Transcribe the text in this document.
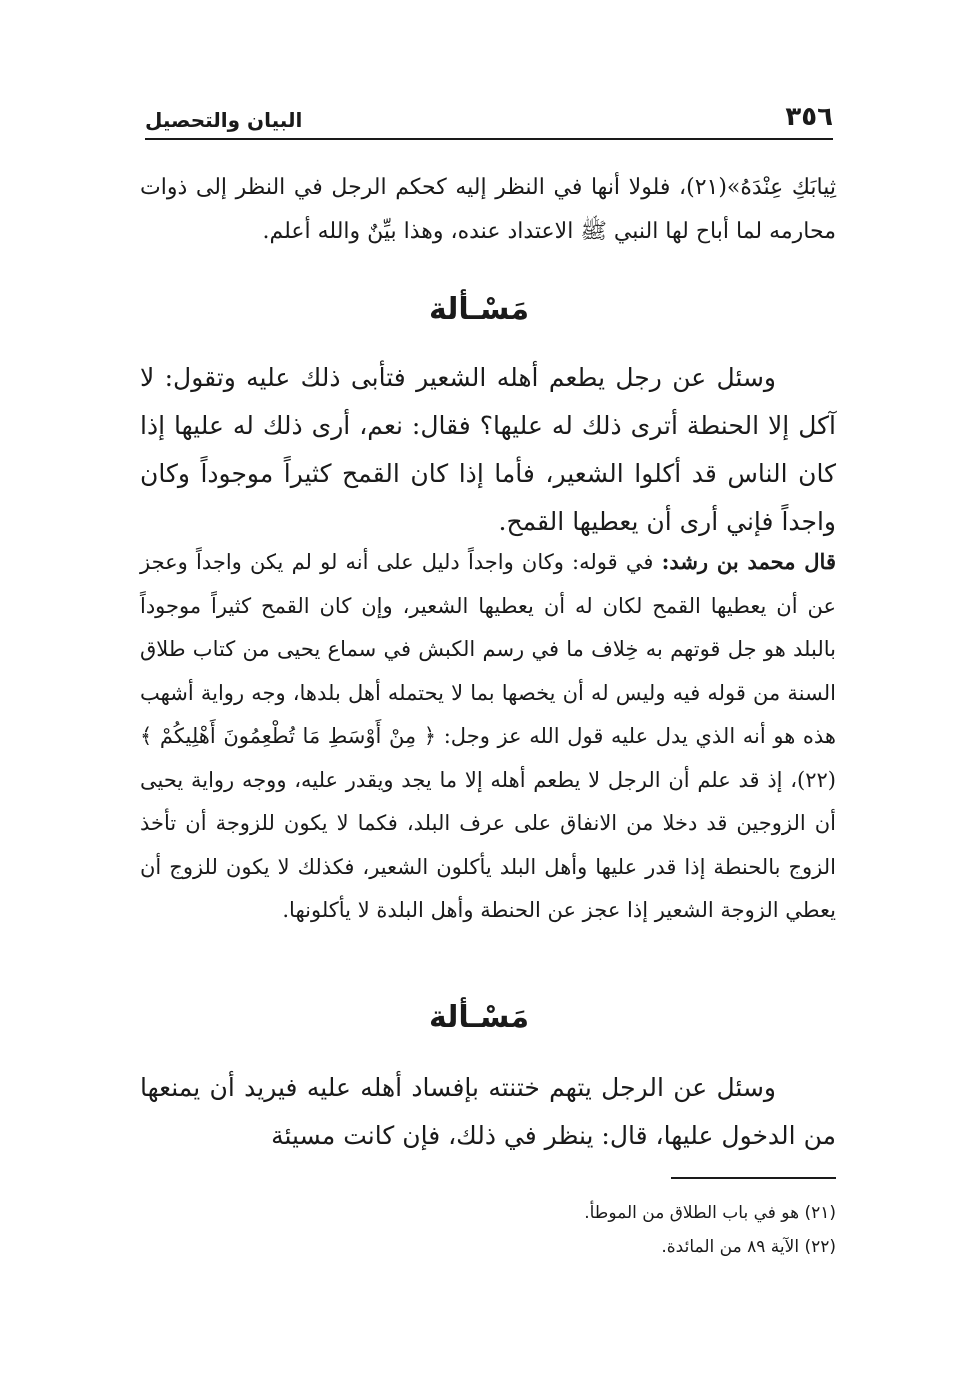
٣٥٦
البيان والتحصيل

ثِيابَكِ عِنْدَهُ»(٢١)، فلولا أنها في النظر إليه كحكم الرجل في النظر إلى ذوات محارمه لما أباح لها النبي ﷺ الاعتداد عنده، وهذا بيِّنٌ والله أعلم.

مَسْـألة

وسئل عن رجل يطعم أهله الشعير فتأبى ذلك عليه وتقول: لا آكل إلا الحنطة أترى ذلك له عليها؟ فقال: نعم، أرى ذلك له عليها إذا كان الناس قد أكلوا الشعير، فأما إذا كان القمح كثيراً موجوداً وكان واجداً فإني أرى أن يعطيها القمح.

قال محمد بن رشد: في قوله: وكان واجداً دليل على أنه لو لم يكن واجداً وعجز عن أن يعطيها القمح لكان له أن يعطيها الشعير، وإن كان القمح كثيراً موجوداً بالبلد هو جل قوتهم به خِلاف ما في رسم الكبش في سماع يحيى من كتاب طلاق السنة من قوله فيه وليس له أن يخصها بما لا يحتمله أهل بلدها، وجه رواية أشهب هذه هو أنه الذي يدل عليه قول الله عز وجل: ﴿ مِنْ أَوْسَطِ مَا تُطْعِمُونَ أَهْلِيكُمْ ﴾(٢٢)، إذ قد علم أن الرجل لا يطعم أهله إلا ما يجد ويقدر عليه، ووجه رواية يحيى أن الزوجين قد دخلا من الانفاق على عرف البلد، فكما لا يكون للزوجة أن تأخذ الزوج بالحنطة إذا قدر عليها وأهل البلد يأكلون الشعير، فكذلك لا يكون للزوج أن يعطي الزوجة الشعير إذا عجز عن الحنطة وأهل البلدة لا يأكلونها.

مَسْـألة

وسئل عن الرجل يتهم ختنته بإفساد أهله عليه فيريد أن يمنعها من الدخول عليها، قال: ينظر في ذلك، فإن كانت مسيئة

(٢١) هو في باب الطلاق من الموطأ.
(٢٢) الآية ٨٩ من المائدة.
